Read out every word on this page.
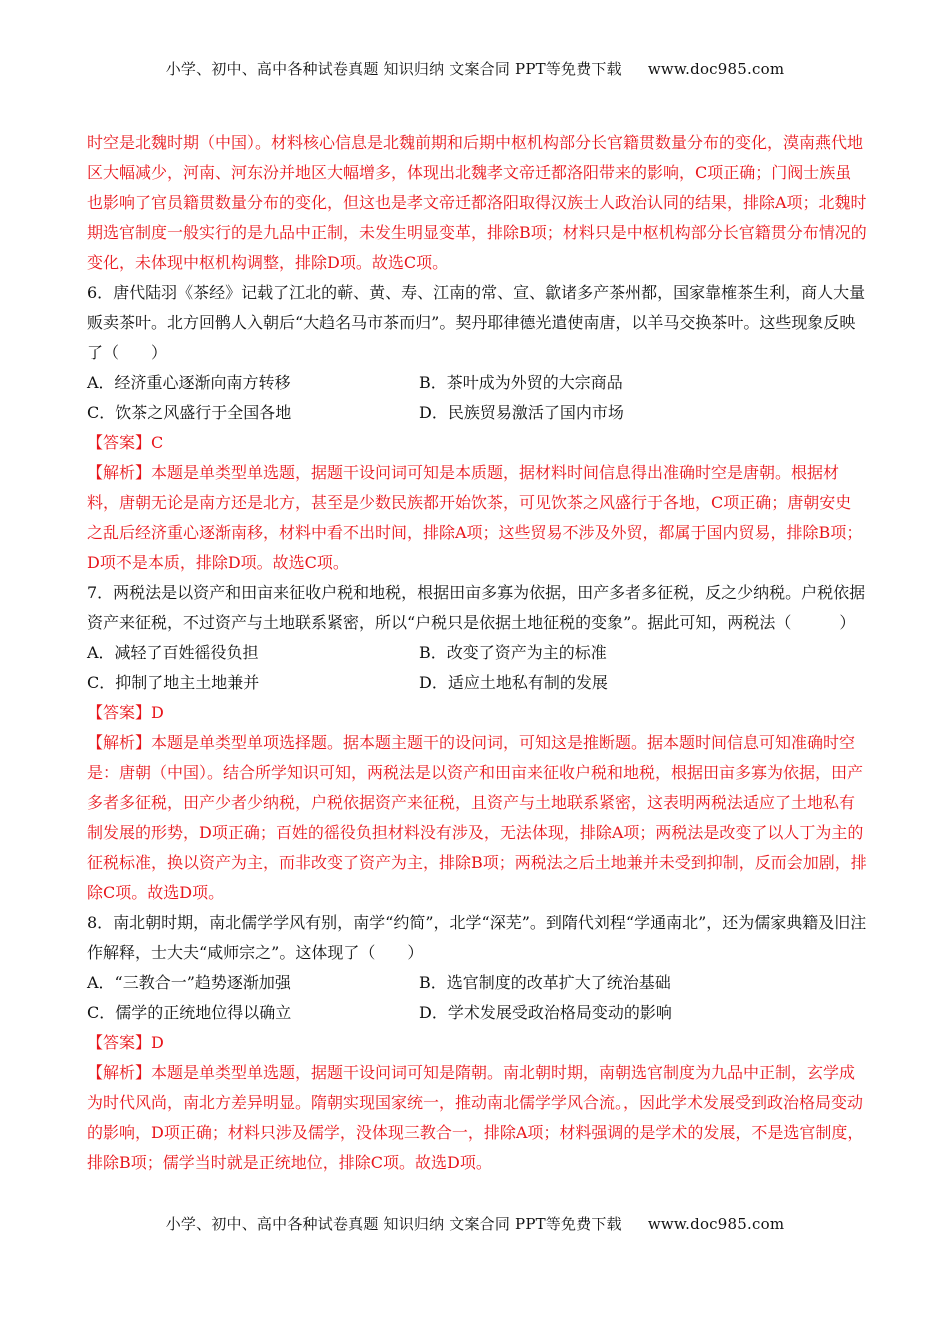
小学、初中、高中各种试卷真题 知识归纳 文案合同 PPT等免费下载 www.doc985.com

时空是北魏时期（中国）。材料核心信息是北魏前期和后期中枢机构部分长官籍贯数量分布的变化，漠南燕代地区大幅减少，河南、河东汾并地区大幅增多，体现出北魏孝文帝迁都洛阳带来的影响，C项正确；门阀士族虽也影响了官员籍贯数量分布的变化，但这也是孝文帝迁都洛阳取得汉族士人政治认同的结果，排除A项；北魏时期选官制度一般实行的是九品中正制，未发生明显变革，排除B项；材料只是中枢机构部分长官籍贯分布情况的变化，未体现中枢机构调整，排除D项。故选C项。

6．唐代陆羽《茶经》记载了江北的蕲、黄、寿、江南的常、宣、歙诸多产茶州都，国家靠榷茶生利，商人大量贩卖茶叶。北方回鹘人入朝后“大趋名马市茶而归”。契丹耶律德光遣使南唐，以羊马交换茶叶。这些现象反映了（　　）

A．经济重心逐渐向南方转移	B．茶叶成为外贸的大宗商品
C．饮茶之风盛行于全国各地	D．民族贸易激活了国内市场

【答案】C

【解析】本题是单类型单选题，据题干设问词可知是本质题，据材料时间信息得出准确时空是唐朝。根据材料，唐朝无论是南方还是北方，甚至是少数民族都开始饮茶，可见饮茶之风盛行于各地，C项正确；唐朝安史之乱后经济重心逐渐南移，材料中看不出时间，排除A项；这些贸易不涉及外贸，都属于国内贸易，排除B项；D项不是本质，排除D项。故选C项。

7．两税法是以资产和田亩来征收户税和地税，根据田亩多寡为依据，田产多者多征税，反之少纳税。户税依据资产来征税，不过资产与土地联系紧密，所以“户税只是依据土地征税的变象”。据此可知，两税法（　　　）

A．减轻了百姓徭役负担	B．改变了资产为主的标准
C．抑制了地主土地兼并	D．适应土地私有制的发展

【答案】D

【解析】本题是单类型单项选择题。据本题主题干的设问词，可知这是推断题。据本题时间信息可知准确时空是：唐朝（中国）。结合所学知识可知，两税法是以资产和田亩来征收户税和地税，根据田亩多寡为依据，田产多者多征税，田产少者少纳税，户税依据资产来征税，且资产与土地联系紧密，这表明两税法适应了土地私有制发展的形势，D项正确；百姓的徭役负担材料没有涉及，无法体现，排除A项；两税法是改变了以人丁为主的征税标准，换以资产为主，而非改变了资产为主，排除B项；两税法之后土地兼并未受到抑制，反而会加剧，排除C项。故选D项。

8．南北朝时期，南北儒学学风有别，南学“约简”，北学“深芜”。到隋代刘程“学通南北”，还为儒家典籍及旧注作解释，士大夫“咸师宗之”。这体现了（　　）

A．“三教合一”趋势逐渐加强	B．选官制度的改革扩大了统治基础
C．儒学的正统地位得以确立	D．学术发展受政治格局变动的影响

【答案】D

【解析】本题是单类型单选题，据题干设问词可知是隋朝。南北朝时期，南朝选官制度为九品中正制，玄学成为时代风尚，南北方差异明显。隋朝实现国家统一，推动南北儒学学风合流。，因此学术发展受到政治格局变动的影响，D项正确；材料只涉及儒学，没体现三教合一，排除A项；材料强调的是学术的发展，不是选官制度，排除B项；儒学当时就是正统地位，排除C项。故选D项。

小学、初中、高中各种试卷真题 知识归纳 文案合同 PPT等免费下载 www.doc985.com
